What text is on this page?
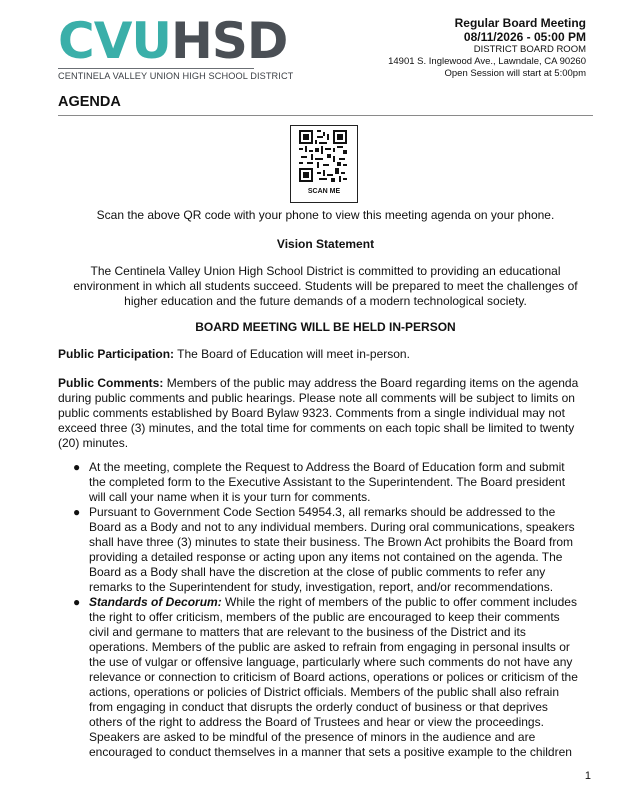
CVUHSD
CENTINELA VALLEY UNION HIGH SCHOOL DISTRICT
Regular Board Meeting
08/11/2026 - 05:00 PM
DISTRICT BOARD ROOM
14901 S. Inglewood Ave., Lawndale, CA 90260
Open Session will start at 5:00pm
AGENDA
SCAN ME
Scan the above QR code with your phone to view this meeting agenda on your phone.
Vision Statement
The Centinela Valley Union High School District is committed to providing an educational
environment in which all students succeed. Students will be prepared to meet the challenges of
higher education and the future demands of a modern technological society.
BOARD MEETING WILL BE HELD IN-PERSON
Public Participation: The Board of Education will meet in-person.
Public Comments: Members of the public may address the Board regarding items on the agenda
during public comments and public hearings. Please note all comments will be subject to limits on
public comments established by Board Bylaw 9323. Comments from a single individual may not
exceed three (3) minutes, and the total time for comments on each topic shall be limited to twenty
(20) minutes.
● At the meeting, complete the Request to Address the Board of Education form and submit
the completed form to the Executive Assistant to the Superintendent. The Board president
will call your name when it is your turn for comments.
● Pursuant to Government Code Section 54954.3, all remarks should be addressed to the
Board as a Body and not to any individual members. During oral communications, speakers
shall have three (3) minutes to state their business. The Brown Act prohibits the Board from
providing a detailed response or acting upon any items not contained on the agenda. The
Board as a Body shall have the discretion at the close of public comments to refer any
remarks to the Superintendent for study, investigation, report, and/or recommendations.
● Standards of Decorum: While the right of members of the public to offer comment includes
the right to offer criticism, members of the public are encouraged to keep their comments
civil and germane to matters that are relevant to the business of the District and its
operations. Members of the public are asked to refrain from engaging in personal insults or
the use of vulgar or offensive language, particularly where such comments do not have any
relevance or connection to criticism of Board actions, operations or polices or criticism of the
actions, operations or policies of District officials. Members of the public shall also refrain
from engaging in conduct that disrupts the orderly conduct of business or that deprives
others of the right to address the Board of Trustees and hear or view the proceedings.
Speakers are asked to be mindful of the presence of minors in the audience and are
encouraged to conduct themselves in a manner that sets a positive example to the children
1
